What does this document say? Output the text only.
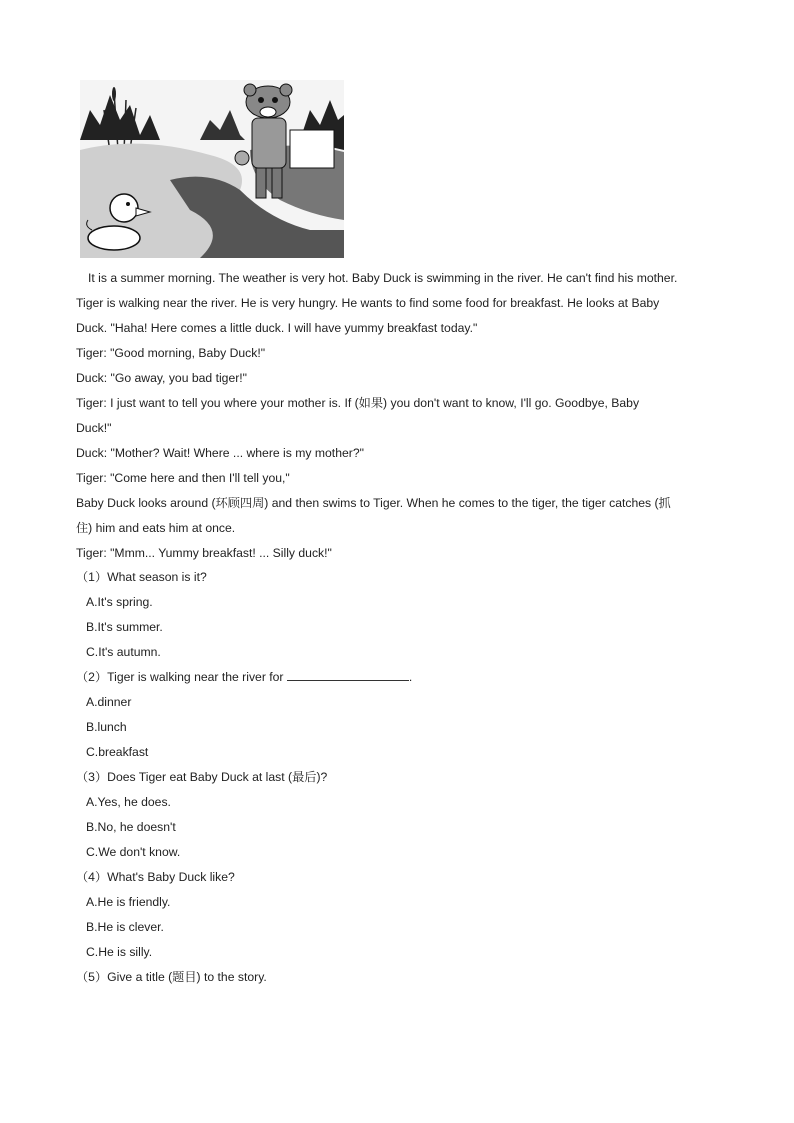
It is a summer morning. The weather is very hot. Baby Duck is swimming in the river. He can't find his mother.

Tiger is walking near the river. He is very hungry. He wants to find some food for breakfast. He looks at Baby

Duck. "Haha! Here comes a little duck. I will have yummy breakfast today."

Tiger: "Good morning, Baby Duck!"

Duck: "Go away, you bad tiger!"

Tiger: I just want to tell you where your mother is. If (如果) you don't want to know, I'll go. Goodbye, Baby

Duck!"

Duck: "Mother? Wait! Where ... where is my mother?"

Tiger: "Come here and then I'll tell you,"

Baby Duck looks around (环顾四周) and then swims to Tiger. When he comes to the tiger, the tiger catches (抓

住) him and eats him at once.

Tiger: "Mmm... Yummy breakfast! ... Silly duck!"

（1）What season is it?

A.It's spring.

B.It's summer.

C.It's autumn.

（2）Tiger is walking near the river for	.

A.dinner

B.lunch

C.breakfast

（3）Does Tiger eat Baby Duck at last (最后)?

A.Yes, he does.

B.No, he doesn't

C.We don't know.

（4）What's Baby Duck like?

A.He is friendly.

B.He is clever.

C.He is silly.

（5）Give a title (题目) to the story.
